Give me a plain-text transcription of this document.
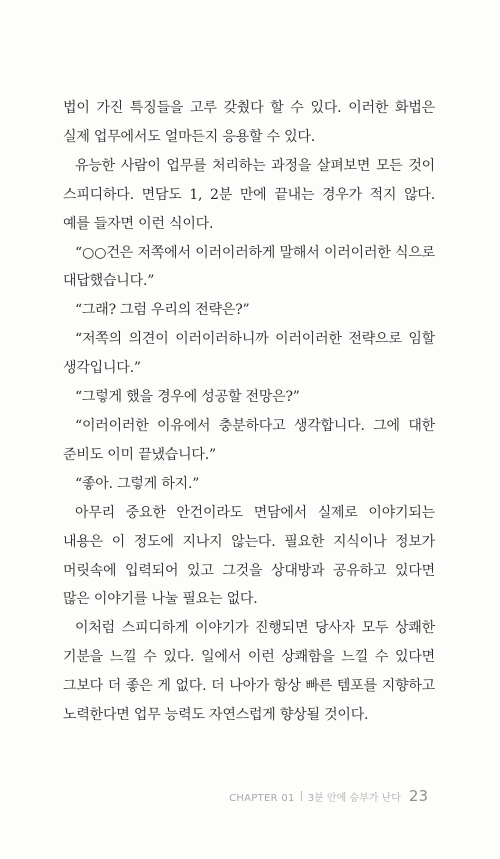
법이 가진 특징들을 고루 갖췄다 할 수 있다. 이러한 화법은 실제 업무에서도 얼마든지 응용할 수 있다.

유능한 사람이 업무를 처리하는 과정을 살펴보면 모든 것이 스피디하다. 면담도 1, 2분 만에 끝내는 경우가 적지 않다. 예를 들자면 이런 식이다.

“○○건은 저쪽에서 이러이러하게 말해서 이러이러한 식으로 대답했습니다.”

“그래? 그럼 우리의 전략은?”

“저쪽의 의견이 이러이러하니까 이러이러한 전략으로 임할 생각입니다.”

“그렇게 했을 경우에 성공할 전망은?”

“이러이러한 이유에서 충분하다고 생각합니다. 그에 대한 준비도 이미 끝냈습니다.”

“좋아. 그렇게 하지.”

아무리 중요한 안건이라도 면담에서 실제로 이야기되는 내용은 이 정도에 지나지 않는다. 필요한 지식이나 정보가 머릿속에 입력되어 있고 그것을 상대방과 공유하고 있다면 많은 이야기를 나눌 필요는 없다.

이처럼 스피디하게 이야기가 진행되면 당사자 모두 상쾌한 기분을 느낄 수 있다. 일에서 이런 상쾌함을 느낄 수 있다면 그보다 더 좋은 게 없다. 더 나아가 항상 빠른 템포를 지향하고 노력한다면 업무 능력도 자연스럽게 향상될 것이다.

CHAPTER 01 3분 안에 승부가 난다 23
